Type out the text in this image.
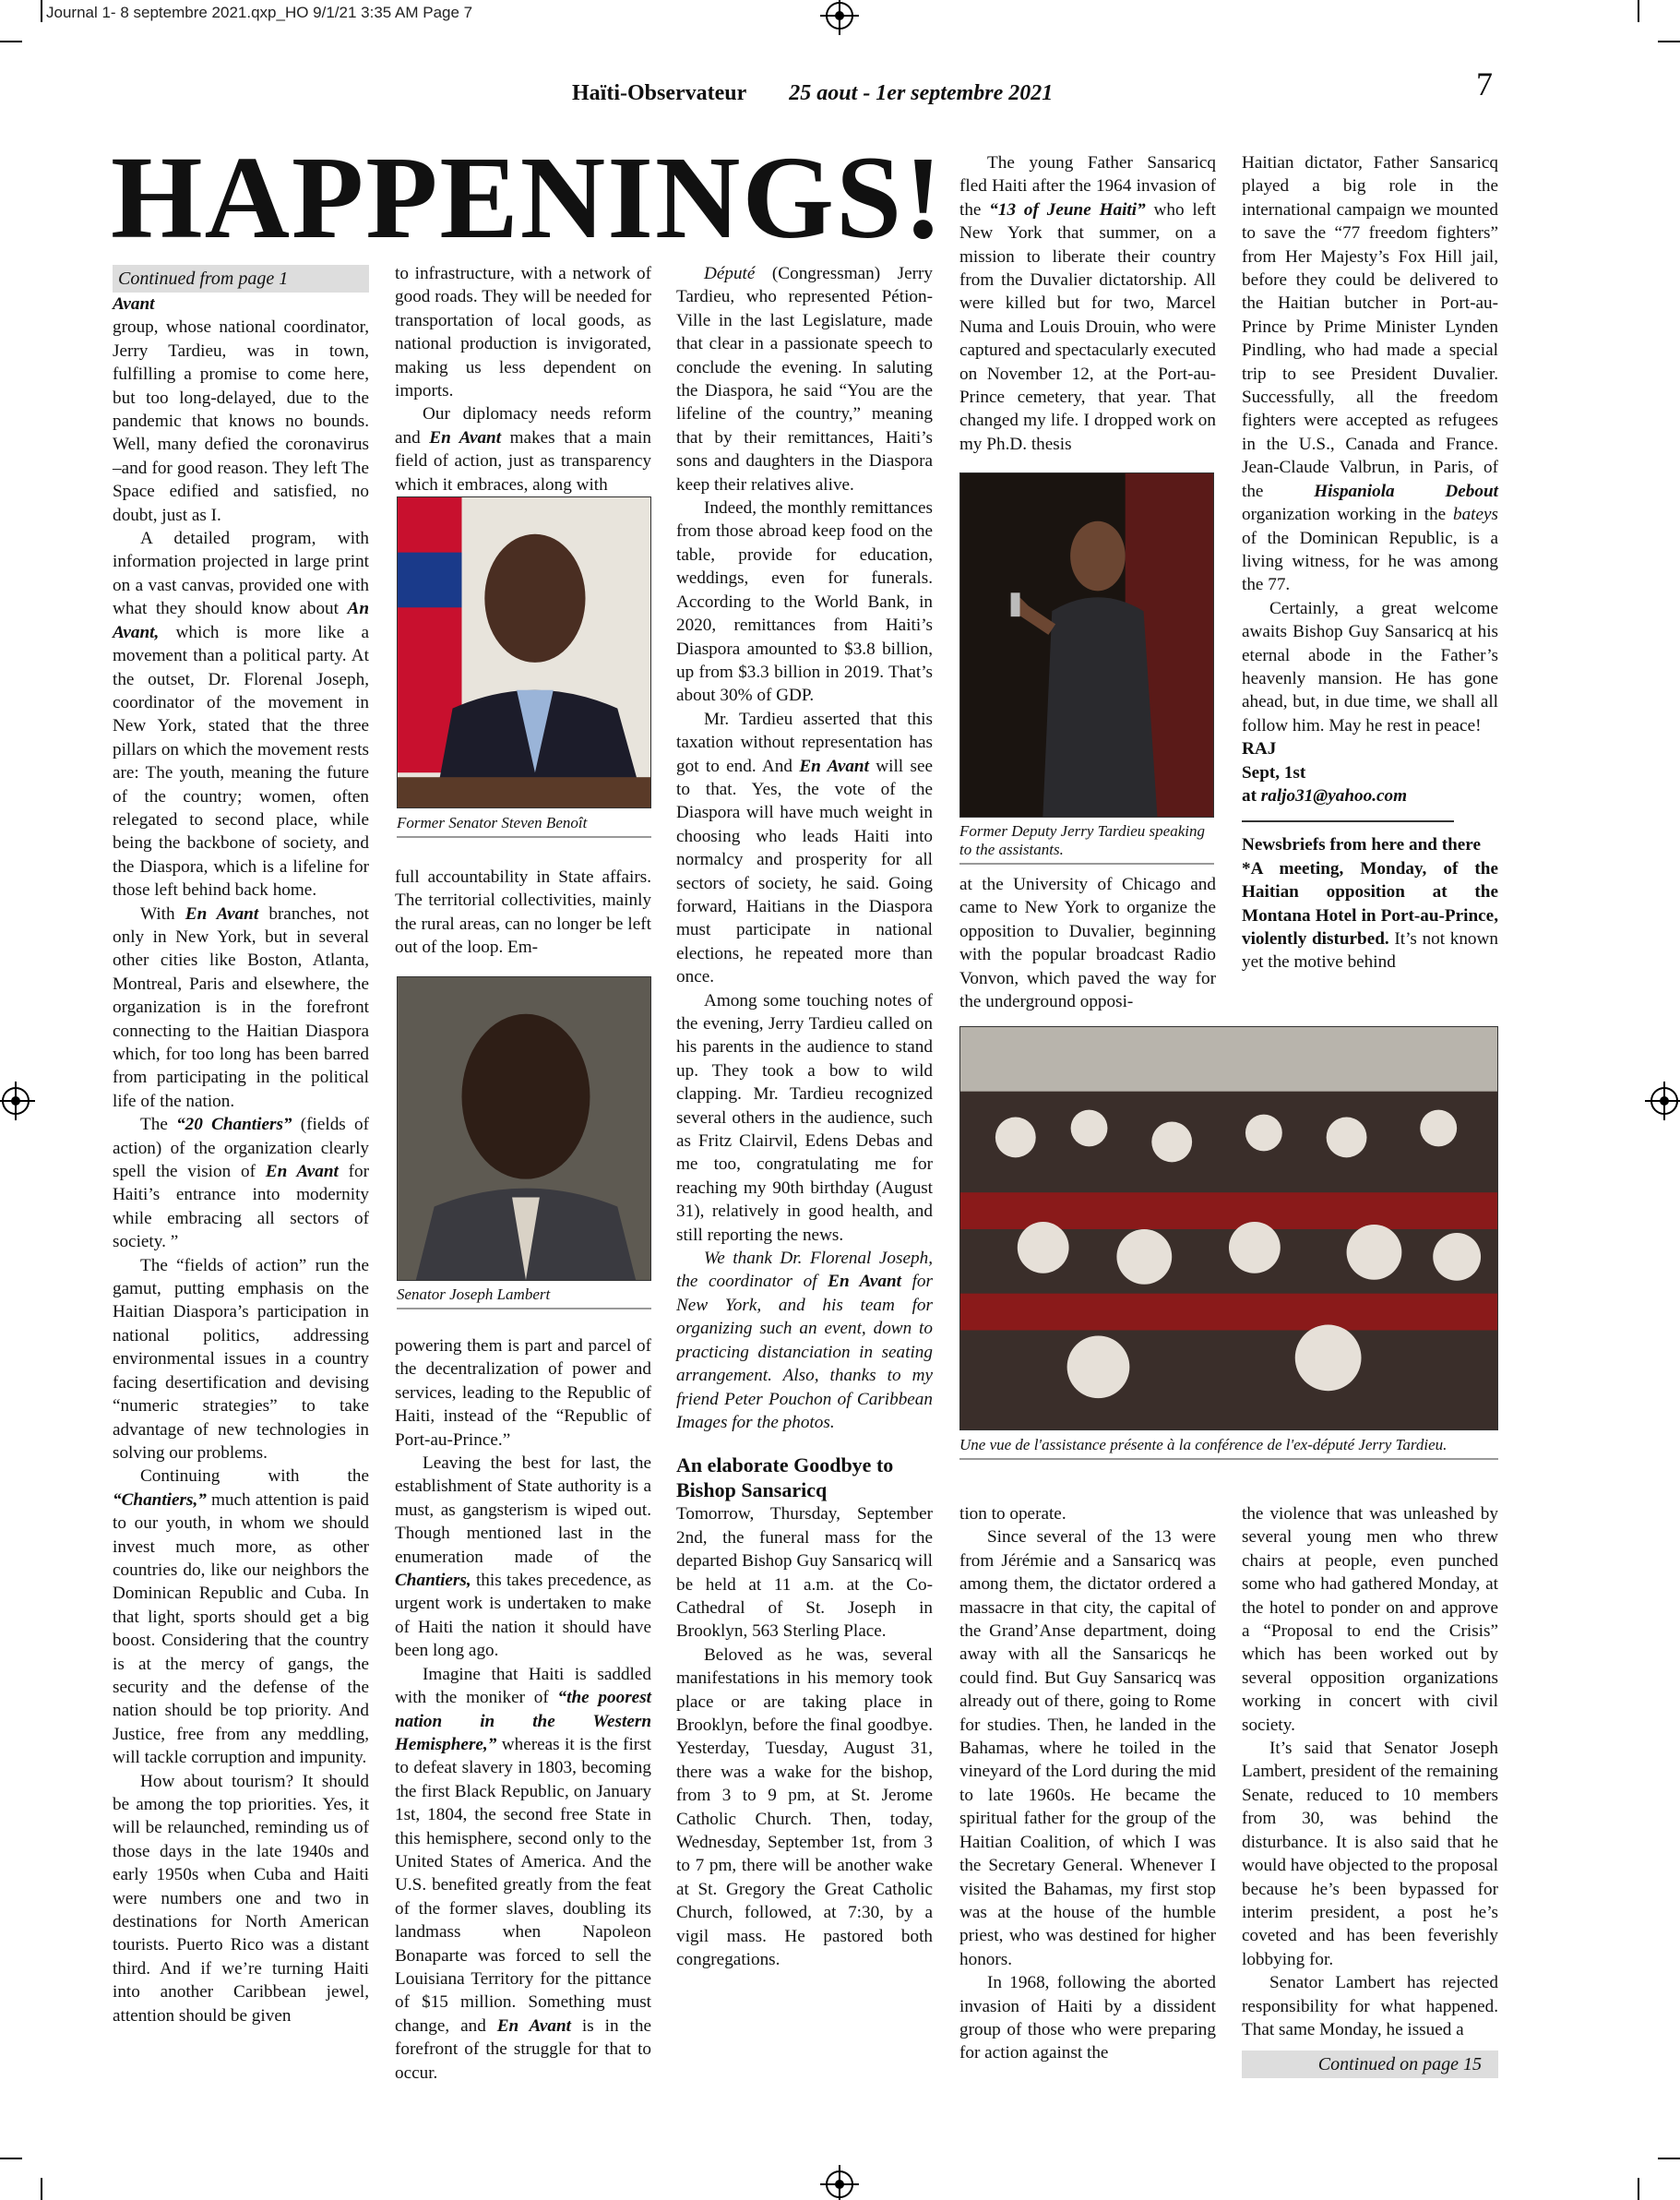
Journal 1- 8 septembre 2021.qxp_HO 9/1/21 3:35 AM Page 7
Haïti-Observateur 25 aout - 1er septembre 2021	7
HAPPENINGS!
Continued from page 1

Avant

group, whose national coordinator, Jerry Tardieu, was in town, fulfilling a promise to come here, but too long-delayed, due to the pandemic that knows no bounds. Well, many defied the coronavirus –and for good reason. They left The Space edified and satisfied, no doubt, just as I.

A detailed program, with information projected in large print on a vast canvas, provided one with what they should know about An Avant, which is more like a movement than a political party. At the outset, Dr. Florenal Joseph, coordinator of the movement in New York, stated that the three pillars on which the movement rests are: The youth, meaning the future of the country; women, often relegated to second place, while being the backbone of society, and the Diaspora, which is a lifeline for those left behind back home.

With En Avant branches, not only in New York, but in several other cities like Boston, Atlanta, Montreal, Paris and elsewhere, the organization is in the forefront connecting to the Haitian Diaspora which, for too long has been barred from participating in the political life of the nation.

The “20 Chantiers” (fields of action) of the organization clearly spell the vision of En Avant for Haiti’s entrance into modernity while embracing all sectors of society. ”

The “fields of action” run the gamut, putting emphasis on the Haitian Diaspora’s participation in national politics, addressing environmental issues in a country facing desertification and devising “numeric strategies” to take advantage of new technologies in solving our problems.

Continuing with the “Chantiers,” much attention is paid to our youth, in whom we should invest much more, as other countries do, like our neighbors the Dominican Republic and Cuba. In that light, sports should get a big boost. Considering that the country is at the mercy of gangs, the security and the defense of the nation should be top priority. And Justice, free from any meddling, will tackle corruption and impunity.

How about tourism? It should be among the top priorities. Yes, it will be relaunched, reminding us of those days in the late 1940s and early 1950s when Cuba and Haiti were numbers one and two in destinations for North American tourists. Puerto Rico was a distant third. And if we’re turning Haiti into another Caribbean jewel, attention should be given

to infrastructure, with a network of good roads. They will be needed for transportation of local goods, as national production is invigorated, making us less dependent on imports.

Our diplomacy needs reform and En Avant makes that a main field of action, just as transparency which it embraces, along with

Former Senator Steven Benoît

full accountability in State affairs. The territorial collectivities, mainly the rural areas, can no longer be left out of the loop. Em-

Senator Joseph Lambert

powering them is part and parcel of the decentralization of power and services, leading to the Republic of Haiti, instead of the “Republic of Port-au-Prince.”

Leaving the best for last, the establishment of State authority is a must, as gangsterism is wiped out. Though mentioned last in the enumeration made of the Chantiers, this takes precedence, as urgent work is undertaken to make of Haiti the nation it should have been long ago.

Imagine that Haiti is saddled with the moniker of “the poorest nation in the Western Hemisphere,” whereas it is the first to defeat slavery in 1803, becoming the first Black Republic, on January 1st, 1804, the second free State in this hemisphere, second only to the United States of America. And the U.S. benefited greatly from the feat of the former slaves, doubling its landmass when Napoleon Bonaparte was forced to sell the Louisiana Territory for the pittance of $15 million. Something must change, and En Avant is in the forefront of the struggle for that to occur.

Député (Congressman) Jerry Tardieu, who represented Pétion-Ville in the last Legislature, made that clear in a passionate speech to conclude the evening. In saluting the Diaspora, he said “You are the lifeline of the country,” meaning that by their remittances, Haiti’s sons and daughters in the Diaspora keep their relatives alive.

Indeed, the monthly remittances from those abroad keep food on the table, provide for education, weddings, even for funerals. According to the World Bank, in 2020, remittances from Haiti’s Diaspora amounted to $3.8 billion, up from $3.3 billion in 2019. That’s about 30% of GDP.

Mr. Tardieu asserted that this taxation without representation has got to end. And En Avant will see to that. Yes, the vote of the Diaspora will have much weight in choosing who leads Haiti into normalcy and prosperity for all sectors of society, he said. Going forward, Haitians in the Diaspora must participate in national elections, he repeated more than once.

Among some touching notes of the evening, Jerry Tardieu called on his parents in the audience to stand up. They took a bow to wild clapping. Mr. Tardieu recognized several others in the audience, such as Fritz Clairvil, Edens Debas and me too, congratulating me for reaching my 90th birthday (August 31), relatively in good health, and still reporting the news.

We thank Dr. Florenal Joseph, the coordinator of En Avant for New York, and his team for organizing such an event, down to practicing distanciation in seating arrangement. Also, thanks to my friend Peter Pouchon of Caribbean Images for the photos.

An elaborate Goodbye to Bishop Sansaricq

Tomorrow, Thursday, September 2nd, the funeral mass for the departed Bishop Guy Sansaricq will be held at 11 a.m. at the Co-Cathedral of St. Joseph in Brooklyn, 563 Sterling Place.

Beloved as he was, several manifestations in his memory took place or are taking place in Brooklyn, before the final goodbye. Yesterday, Tuesday, August 31, there was a wake for the bishop, from 3 to 9 pm, at St. Jerome Catholic Church. Then, today, Wednesday, September 1st, from 3 to 7 pm, there will be another wake at St. Gregory the Great Catholic Church, followed, at 7:30, by a vigil mass. He pastored both congregations.

The young Father Sansaricq fled Haiti after the 1964 invasion of the “13 of Jeune Haiti” who left New York that summer, on a mission to liberate their country from the Duvalier dictatorship. All were killed but for two, Marcel Numa and Louis Drouin, who were captured and spectacularly executed on November 12, at the Port-au-Prince cemetery, that year. That changed my life. I dropped work on my Ph.D. thesis

Former Deputy Jerry Tardieu speaking to the assistants.

at the University of Chicago and came to New York to organize the opposition to Duvalier, beginning with the popular broadcast Radio Vonvon, which paved the way for the underground opposi-

Haitian dictator, Father Sansaricq played a big role in the international campaign we mounted to save the “77 freedom fighters” from Her Majesty’s Fox Hill jail, before they could be delivered to the Haitian butcher in Port-au-Prince by Prime Minister Lynden Pindling, who had made a special trip to see President Duvalier. Successfully, all the freedom fighters were accepted as refugees in the U.S., Canada and France. Jean-Claude Valbrun, in Paris, of the Hispaniola Debout organization working in the bateys of the Dominican Republic, is a living witness, for he was among the 77.

Certainly, a great welcome awaits Bishop Guy Sansaricq at his eternal abode in the Father’s heavenly mansion. He has gone ahead, but, in due time, we shall all follow him. May he rest in peace!

RAJ

Sept, 1st

at raljo31@yahoo.com

Newsbriefs from here and there

*A meeting, Monday, of the Haitian opposition at the Montana Hotel in Port-au-Prince, violently disturbed. It’s not known yet the motive behind

Une vue de l'assistance présente à la conférence de l'ex-député Jerry Tardieu.

tion to operate.

Since several of the 13 were from Jérémie and a Sansaricq was among them, the dictator ordered a massacre in that city, the capital of the Grand’Anse department, doing away with all the Sansaricqs he could find. But Guy Sansaricq was already out of there, going to Rome for studies. Then, he landed in the Bahamas, where he toiled in the vineyard of the Lord during the mid to late 1960s. He became the spiritual father for the group of the Haitian Coalition, of which I was the Secretary General. Whenever I visited the Bahamas, my first stop was at the house of the humble priest, who was destined for higher honors.

In 1968, following the aborted invasion of Haiti by a dissident group of those who were preparing for action against the

the violence that was unleashed by several young men who threw chairs at people, even punched some who had gathered Monday, at the hotel to ponder on and approve a “Proposal to end the Crisis” which has been worked out by several opposition organizations working in concert with civil society.

It’s said that Senator Joseph Lambert, president of the remaining Senate, reduced to 10 members from 30, was behind the disturbance. It is also said that he would have objected to the proposal because he’s been bypassed for interim president, a post he’s coveted and has been feverishly lobbying for.

Senator Lambert has rejected responsibility for what happened. That same Monday, he issued a

Continued on page 15
